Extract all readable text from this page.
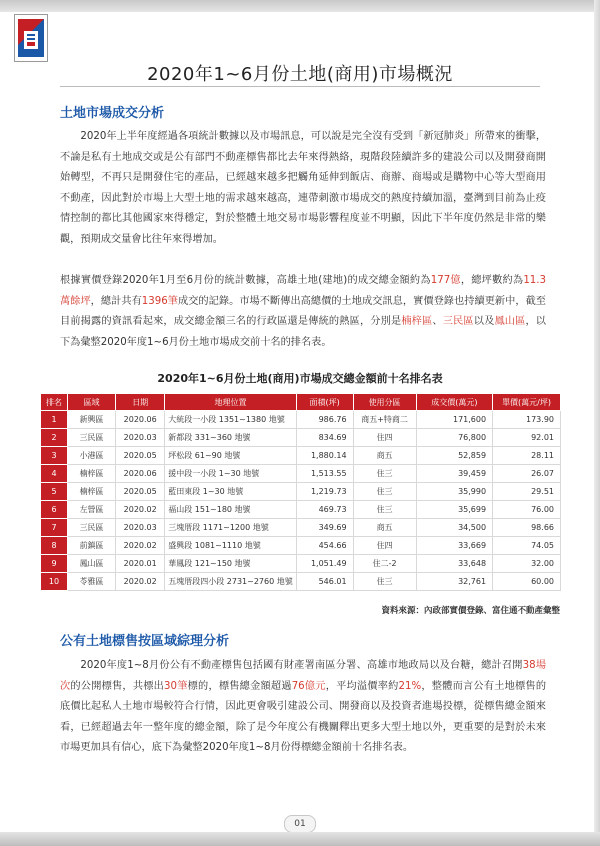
2020年1~6月份土地(商用)市場概況
土地市場成交分析

2020年上半年度經過各項統計數據以及市場訊息，可以說是完全沒有受到「新冠肺炎」所帶來的衝擊，不論是私有土地成交或是公有部門不動產標售都比去年來得熱絡，現階段陸續許多的建設公司以及開發商開始轉型，不再只是開發住宅的產品，已經越來越多把觸角延伸到飯店、商辦、商場或是購物中心等大型商用不動產，因此對於市場上大型土地的需求越來越高，連帶刺激市場成交的熱度持續加溫，臺灣到目前為止疫情控制的都比其他國家來得穩定，對於整體土地交易市場影響程度並不明顯，因此下半年度仍然是非常的樂觀，預期成交量會比往年來得增加。

根據實價登錄2020年1月至6月份的統計數據，高雄土地(建地)的成交總金額約為177億，總坪數約為11.3萬餘坪，總計共有1396筆成交的記錄。市場不斷傳出高總價的土地成交訊息，實價登錄也持續更新中，截至目前揭露的資訊看起來，成交總金額三名的行政區還是傳統的熱區，分別是楠梓區、三民區以及鳳山區，以下為彙整2020年度1~6月份土地市場成交前十名的排名表。

2020年1~6月份土地(商用)市場成交總金額前十名排名表
排名	區域	日期	地理位置	面積(坪)	使用分區	成交價(萬元)	單價(萬元/坪)
1	新興區	2020.06	大統段一小段 1351~1380 地號	986.76	商五+特商二	171,600	173.90
2	三民區	2020.03	新都段 331~360 地號	834.69	住四	76,800	92.01
3	小港區	2020.05	坪松段 61~90 地號	1,880.14	商五	52,859	28.11
4	楠梓區	2020.06	援中段一小段 1~30 地號	1,513.55	住三	39,459	26.07
5	楠梓區	2020.05	藍田東段 1~30 地號	1,219.73	住三	35,990	29.51
6	左營區	2020.02	福山段 151~180 地號	469.73	住三	35,699	76.00
7	三民區	2020.03	三塊厝段 1171~1200 地號	349.69	商五	34,500	98.66
8	前鎮區	2020.02	盛興段 1081~1110 地號	454.66	住四	33,669	74.05
9	鳳山區	2020.01	華鳳段 121~150 地號	1,051.49	住二-2	33,648	32.00
10	苓雅區	2020.02	五塊厝段四小段 2731~2760 地號	546.01	住三	32,761	60.00
資料來源：內政部實價登錄、富住通不動產彙整
公有土地標售按區域綜理分析

2020年度1~8月份公有不動產標售包括國有財產署南區分署、高雄市地政局以及台糖，總計召開38場次的公開標售，共標出30筆標的，標售總金額超過76億元，平均溢價率約21%，整體而言公有土地標售的底價比起私人土地市場較符合行情，因此更會吸引建設公司、開發商以及投資者進場投標，從標售總金額來看，已經超過去年一整年度的總金額，除了是今年度公有機關釋出更多大型土地以外，更重要的是對於未來市場更加具有信心，底下為彙整2020年度1~8月份得標總金額前十名排名表。

01
